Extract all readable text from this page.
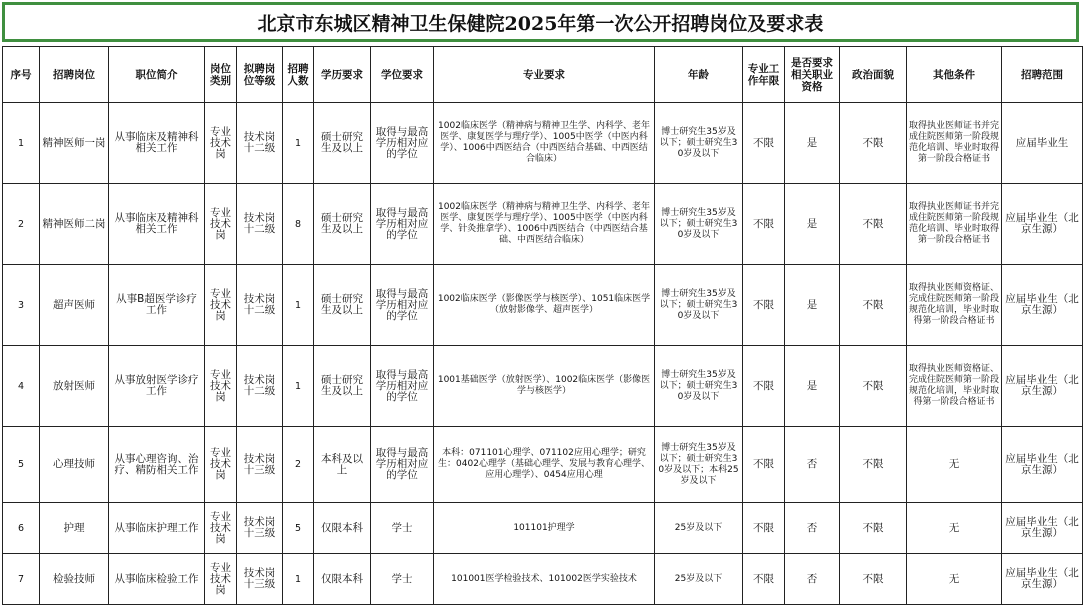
北京市东城区精神卫生保健院2025年第一次公开招聘岗位及要求表
序号	招聘岗位	职位简介	岗位类别	拟聘岗位等级	招聘人数	学历要求	学位要求	专业要求	年龄	专业工作年限	是否要求相关职业资格	政治面貌	其他条件	招聘范围
1	精神医师一岗	从事临床及精神科相关工作	专业技术岗	技术岗十二级	1	硕士研究生及以上	取得与最高学历相对应的学位	1002临床医学（精神病与精神卫生学、内科学、老年医学、康复医学与理疗学）、1005中医学（中医内科学）、1006中西医结合（中西医结合基础、中西医结合临床）	博士研究生35岁及以下；硕士研究生30岁及以下	不限	是	不限	取得执业医师证书并完成住院医师第一阶段规范化培训、毕业时取得第一阶段合格证书	应届毕业生
2	精神医师二岗	从事临床及精神科相关工作	专业技术岗	技术岗十二级	8	硕士研究生及以上	取得与最高学历相对应的学位	1002临床医学（精神病与精神卫生学、内科学、老年医学、康复医学与理疗学）、1005中医学（中医内科学、针灸推拿学）、1006中西医结合（中西医结合基础、中西医结合临床）	博士研究生35岁及以下；硕士研究生30岁及以下	不限	是	不限	取得执业医师证书并完成住院医师第一阶段规范化培训、毕业时取得第一阶段合格证书	应届毕业生（北京生源）
3	超声医师	从事B超医学诊疗工作	专业技术岗	技术岗十二级	1	硕士研究生及以上	取得与最高学历相对应的学位	1002临床医学（影像医学与核医学）、1051临床医学（放射影像学、超声医学）	博士研究生35岁及以下；硕士研究生30岁及以下	不限	是	不限	取得执业医师资格证、完成住院医师第一阶段规范化培训，毕业时取得第一阶段合格证书	应届毕业生（北京生源）
4	放射医师	从事放射医学诊疗工作	专业技术岗	技术岗十二级	1	硕士研究生及以上	取得与最高学历相对应的学位	1001基础医学（放射医学）、1002临床医学（影像医学与核医学）	博士研究生35岁及以下；硕士研究生30岁及以下	不限	是	不限	取得执业医师资格证、完成住院医师第一阶段规范化培训，毕业时取得第一阶段合格证书	应届毕业生（北京生源）
5	心理技师	从事心理咨询、治疗、精防相关工作	专业技术岗	技术岗十三级	2	本科及以上	取得与最高学历相对应的学位	本科：071101心理学、071102应用心理学；研究生：0402心理学（基础心理学、发展与教育心理学、应用心理学）、0454应用心理	博士研究生35岁及以下；硕士研究生30岁及以下；本科25岁及以下	不限	否	不限	无	应届毕业生（北京生源）
6	护理	从事临床护理工作	专业技术岗	技术岗十三级	5	仅限本科	学士	101101护理学	25岁及以下	不限	否	不限	无	应届毕业生（北京生源）
7	检验技师	从事临床检验工作	专业技术岗	技术岗十三级	1	仅限本科	学士	101001医学检验技术、101002医学实验技术	25岁及以下	不限	否	不限	无	应届毕业生（北京生源）
